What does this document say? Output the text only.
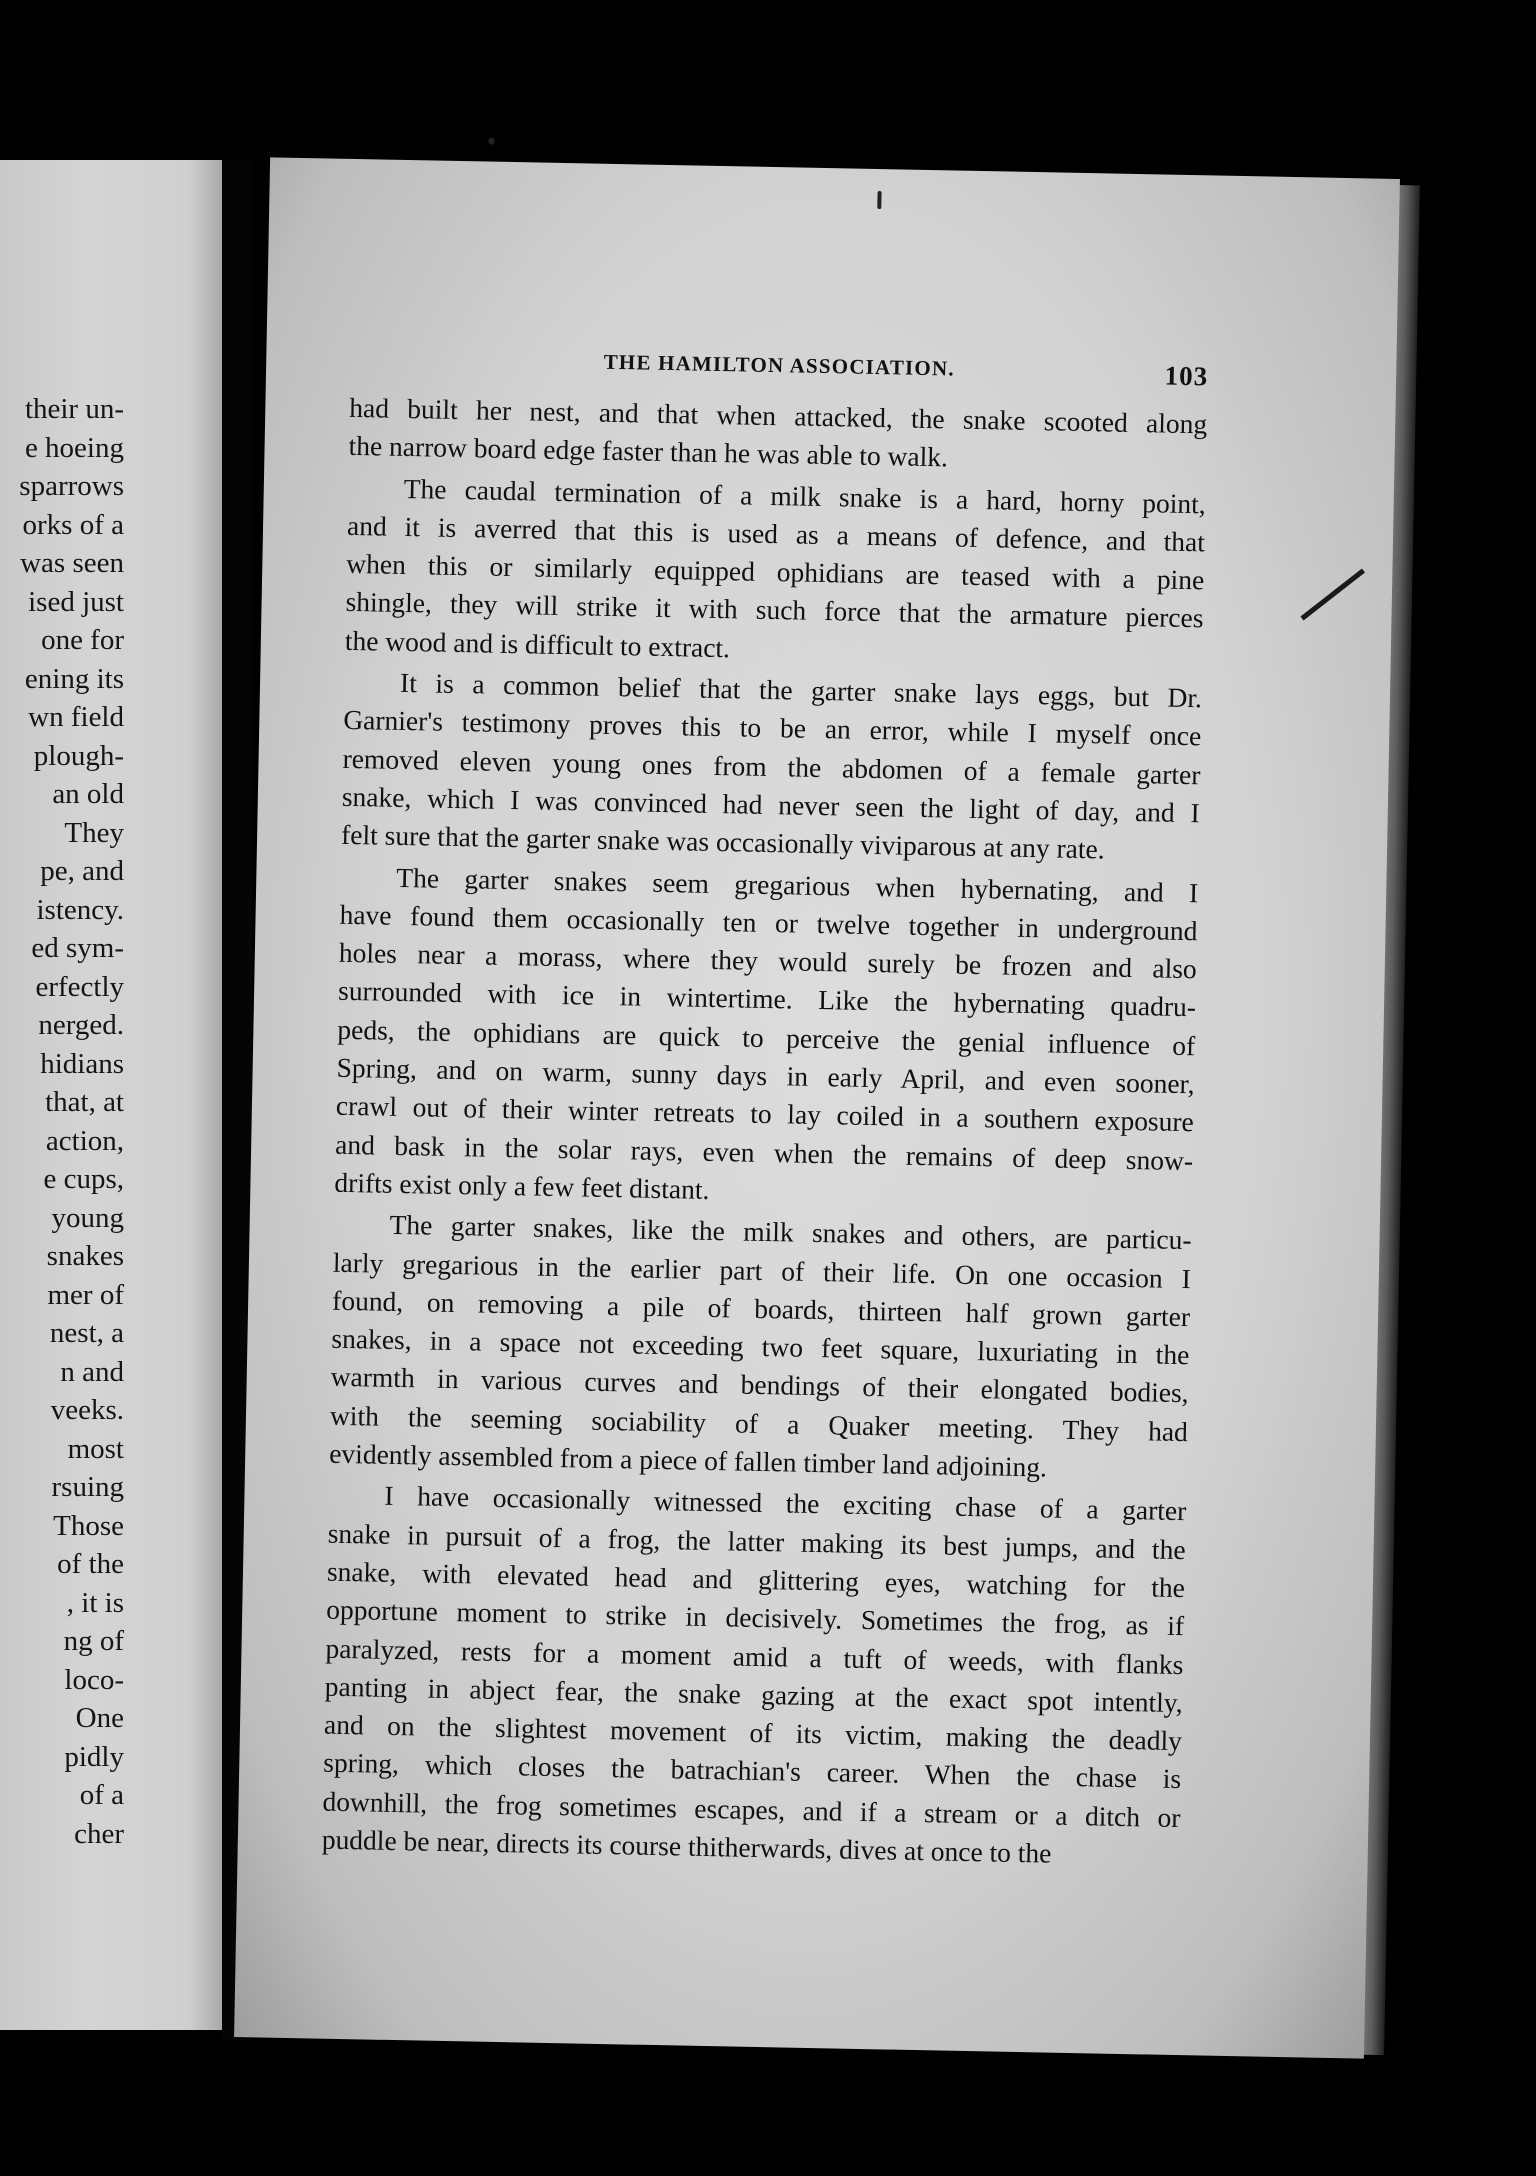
their un-
e hoeing
sparrows
orks of a
was seen
ised just
one for
ening its
wn field
plough-
an old
They
pe, and
istency.
ed sym-
erfectly
nerged.
hidians
that, at
action,
e cups,
young
snakes
mer of
nest, a
n and
veeks.
most
rsuing
Those
of the
, it is
ng of
loco-
One
pidly
of a
cher
THE HAMILTON ASSOCIATION.	103
had built her nest, and that when attacked, the snake scooted along
the narrow board edge faster than he was able to walk.
The caudal termination of a milk snake is a hard, horny point,
and it is averred that this is used as a means of defence, and that
when this or similarly equipped ophidians are teased with a pine
shingle, they will strike it with such force that the armature pierces
the wood and is difficult to extract.
It is a common belief that the garter snake lays eggs, but Dr.
Garnier's testimony proves this to be an error, while I myself once
removed eleven young ones from the abdomen of a female garter
snake, which I was convinced had never seen the light of day, and I
felt sure that the garter snake was occasionally viviparous at any rate.
The garter snakes seem gregarious when hybernating, and I
have found them occasionally ten or twelve together in underground
holes near a morass, where they would surely be frozen and also
surrounded with ice in wintertime. Like the hybernating quadru-
peds, the ophidians are quick to perceive the genial influence of
Spring, and on warm, sunny days in early April, and even sooner,
crawl out of their winter retreats to lay coiled in a southern exposure
and bask in the solar rays, even when the remains of deep snow-
drifts exist only a few feet distant.
The garter snakes, like the milk snakes and others, are particu-
larly gregarious in the earlier part of their life. On one occasion I
found, on removing a pile of boards, thirteen half grown garter
snakes, in a space not exceeding two feet square, luxuriating in the
warmth in various curves and bendings of their elongated bodies,
with the seeming sociability of a Quaker meeting. They had
evidently assembled from a piece of fallen timber land adjoining.
I have occasionally witnessed the exciting chase of a garter
snake in pursuit of a frog, the latter making its best jumps, and the
snake, with elevated head and glittering eyes, watching for the
opportune moment to strike in decisively. Sometimes the frog, as if
paralyzed, rests for a moment amid a tuft of weeds, with flanks
panting in abject fear, the snake gazing at the exact spot intently,
and on the slightest movement of its victim, making the deadly
spring, which closes the batrachian's career. When the chase is
downhill, the frog sometimes escapes, and if a stream or a ditch or
puddle be near, directs its course thitherwards, dives at once to the
